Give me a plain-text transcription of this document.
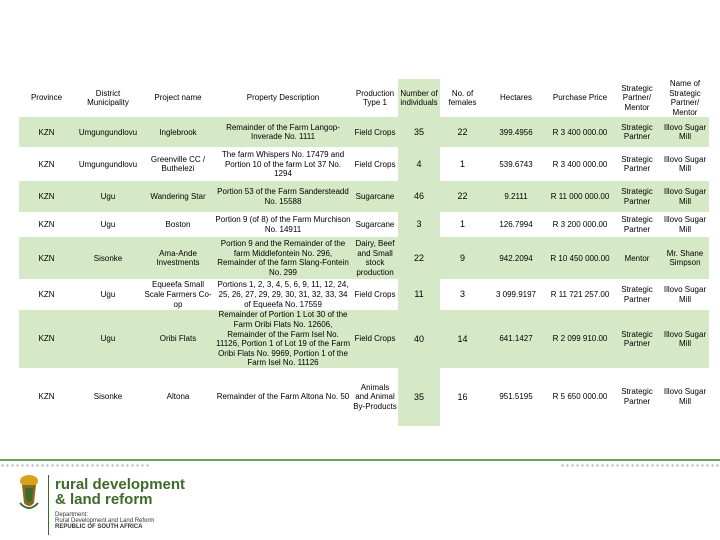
Province	District Municipality	Project name	Property Description	Production Type 1	Number of individuals	No. of females	Hectares	Purchase Price	Strategic Partner/ Mentor	Name of Strategic Partner/ Mentor
KZN	Umgungundlovu	Inglebrook	Remainder of the Farm Langop-Inverade No. 1111	Field Crops	35	22	399.4956	R 3 400 000.00	Strategic Partner	Illovo Sugar Mill
KZN	Umgungundlovu	Greenville CC / Buthelezi	The farm Whispers No. 17479 and Portion 10 of the farm Lot 37 No. 1294	Field Crops	4	1	539.6743	R 3 400 000.00	Strategic Partner	Illovo Sugar Mill
KZN	Ugu	Wandering Star	Portion 53 of the Farm Sandersteadd No. 15588	Sugarcane	46	22	9.2111	R 11 000 000.00	Strategic Partner	Illovo Sugar Mill
KZN	Ugu	Boston	Portion 9 (of 8) of the Farm Murchison No. 14911	Sugarcane	3	1	126.7994	R 3 200 000.00	Strategic Partner	Illovo Sugar Mill
KZN	Sisonke	Ama-Ande Investments	Portion 9 and the Remainder of the farm Middlefontein No. 296, Remainder of the farm Slang-Fontein No. 299	Dairy, Beef and Small stock production	22	9	942.2094	R 10 450 000.00	Mentor	Mr. Shane Simpson
KZN	Ugu	Equeefa Small Scale Farmers Co-op	Portions 1, 2, 3, 4, 5, 6, 9, 11, 12, 24, 25, 26, 27, 29, 29, 30, 31, 32, 33, 34 of Equeefa No. 17559	Field Crops	11	3	3 099.9197	R 11 721 257.00	Strategic Partner	Illovo Sugar Mill
KZN	Ugu	Oribi Flats	Remainder of Portion 1 Lot 30 of the Farm Oribi Flats No. 12606, Remainder of the Farm Isel No. 11126, Portion 1 of Lot 19 of the Farm Oribi Flats No. 9969, Portion 1 of the Farm Isel No. 11126	Field Crops	40	14	641.1427	R 2 099 910.00	Strategic Partner	Illovo Sugar Mill
KZN	Sisonke	Altona	Remainder of the Farm Altona No. 50	Animals and Animal By-Products	35	16	951.5195	R 5 650 000.00	Strategic Partner	Illovo Sugar Mill
rural development
& land reform
Department:
Rural Development and Land Reform
REPUBLIC OF SOUTH AFRICA
